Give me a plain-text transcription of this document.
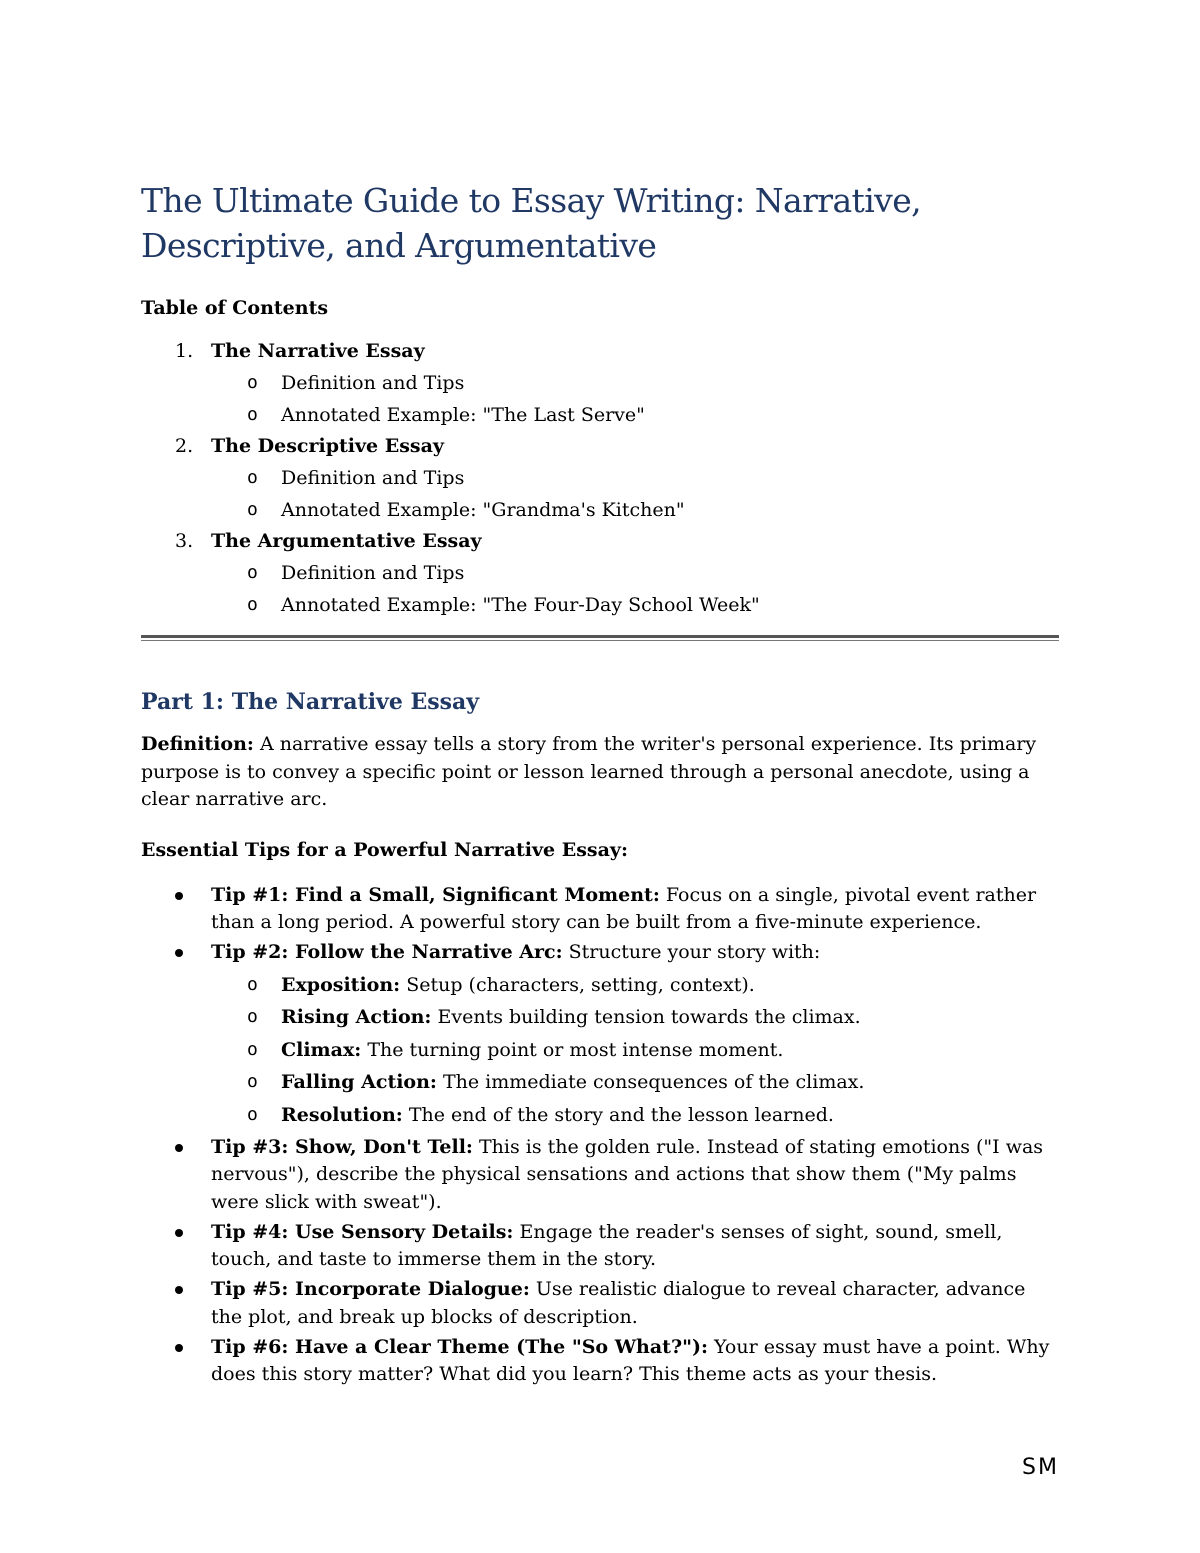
The Ultimate Guide to Essay Writing: Narrative, Descriptive, and Argumentative
Table of Contents
1. The Narrative Essay
o Definition and Tips
o Annotated Example: "The Last Serve"
2. The Descriptive Essay
o Definition and Tips
o Annotated Example: "Grandma's Kitchen"
3. The Argumentative Essay
o Definition and Tips
o Annotated Example: "The Four-Day School Week"
Part 1: The Narrative Essay

Definition: A narrative essay tells a story from the writer's personal experience. Its primary purpose is to convey a specific point or lesson learned through a personal anecdote, using a clear narrative arc.

Essential Tips for a Powerful Narrative Essay:
Tip #1: Find a Small, Significant Moment: Focus on a single, pivotal event rather than a long period. A powerful story can be built from a five-minute experience.
Tip #2: Follow the Narrative Arc: Structure your story with:
o	Exposition: Setup (characters, setting, context).
o	Rising Action: Events building tension towards the climax.
o	Climax: The turning point or most intense moment.
o	Falling Action: The immediate consequences of the climax.
o	Resolution: The end of the story and the lesson learned.
Tip #3: Show, Don't Tell: This is the golden rule. Instead of stating emotions ("I was nervous"), describe the physical sensations and actions that show them ("My palms were slick with sweat").
Tip #4: Use Sensory Details: Engage the reader's senses of sight, sound, smell, touch, and taste to immerse them in the story.
Tip #5: Incorporate Dialogue: Use realistic dialogue to reveal character, advance the plot, and break up blocks of description.
Tip #6: Have a Clear Theme (The "So What?"): Your essay must have a point. Why does this story matter? What did you learn? This theme acts as your thesis.
SM
